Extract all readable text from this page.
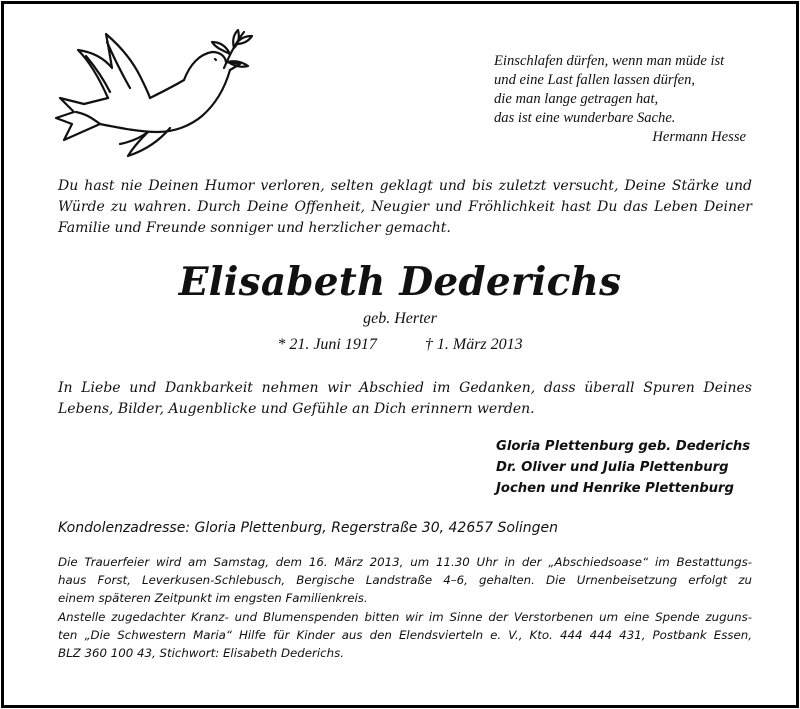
Einschlafen dürfen, wenn man müde ist
und eine Last fallen lassen dürfen,
die man lange getragen hat,
das ist eine wunderbare Sache.
Hermann Hesse
Du hast nie Deinen Humor verloren, selten geklagt und bis zuletzt versucht, Deine Stärke und
Würde zu wahren. Durch Deine Offenheit, Neugier und Fröhlichkeit hast Du das Leben Deiner
Familie und Freunde sonniger und herzlicher gemacht.
Elisabeth Dederichs
geb. Herter
* 21. Juni 1917	† 1. März 2013
In Liebe und Dankbarkeit nehmen wir Abschied im Gedanken, dass überall Spuren Deines
Lebens, Bilder, Augenblicke und Gefühle an Dich erinnern werden.
Gloria Plettenburg geb. Dederichs
Dr. Oliver und Julia Plettenburg
Jochen und Henrike Plettenburg
Kondolenzadresse: Gloria Plettenburg, Regerstraße 30, 42657 Solingen
Die Trauerfeier wird am Samstag, dem 16. März 2013, um 11.30 Uhr in der „Abschiedsoase“ im Bestattungs-
haus Forst, Leverkusen-Schlebusch, Bergische Landstraße 4–6, gehalten. Die Urnenbeisetzung erfolgt zu
einem späteren Zeitpunkt im engsten Familienkreis.
Anstelle zugedachter Kranz- und Blumenspenden bitten wir im Sinne der Verstorbenen um eine Spende zuguns-
ten „Die Schwestern Maria“ Hilfe für Kinder aus den Elendsvierteln e. V., Kto. 444 444 431, Postbank Essen,
BLZ 360 100 43, Stichwort: Elisabeth Dederichs.
